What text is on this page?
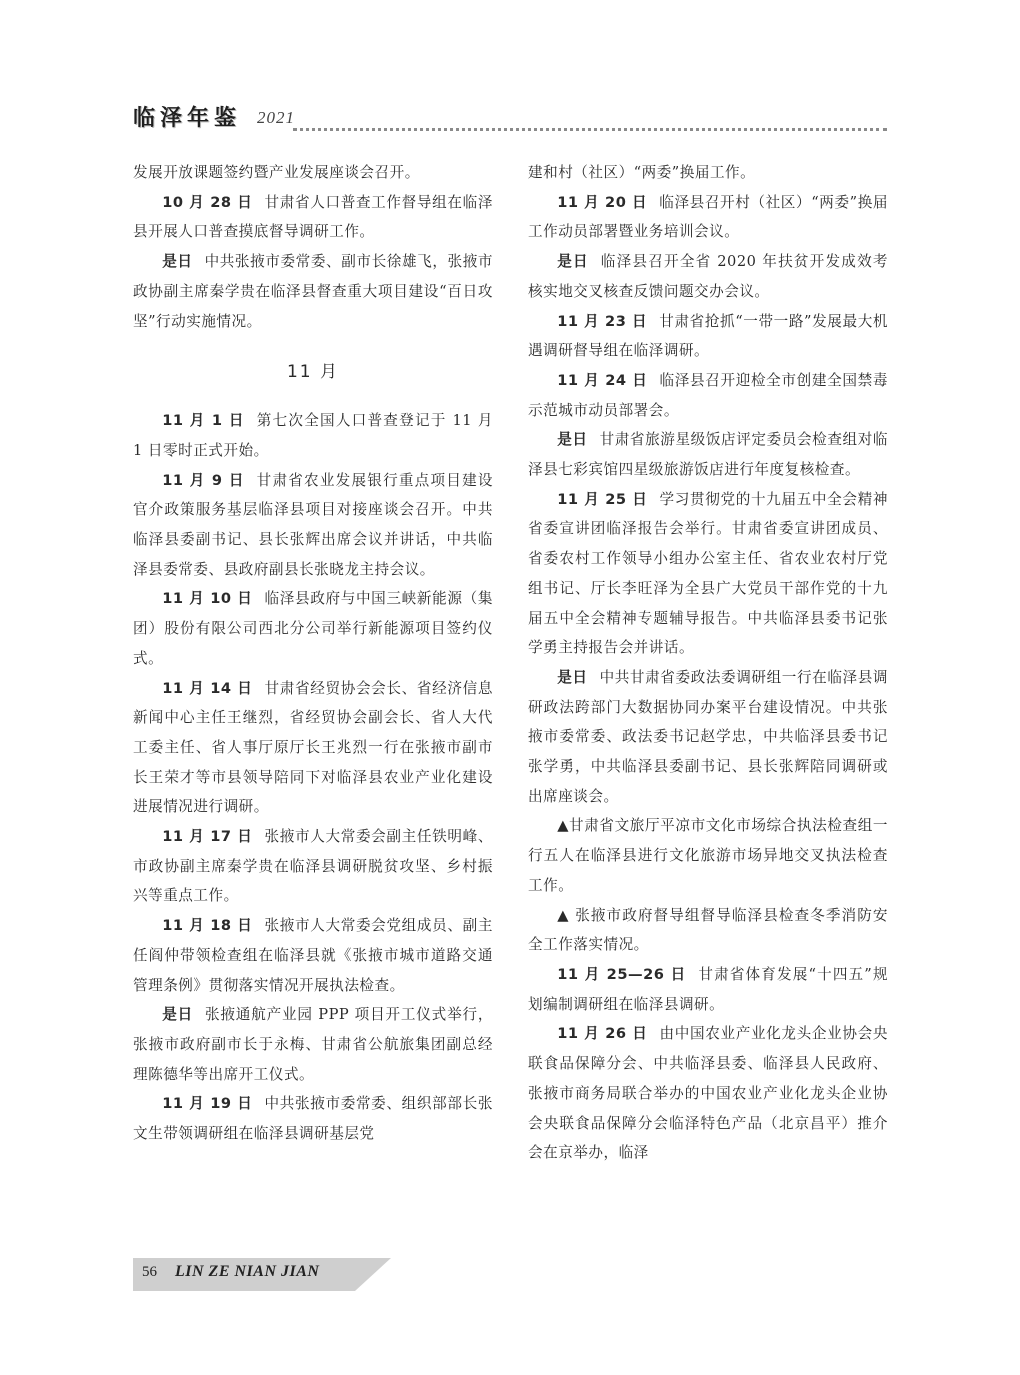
临泽年鉴 2021

发展开放课题签约暨产业发展座谈会召开。

10 月 28 日 甘肃省人口普查工作督导组在临泽县开展人口普查摸底督导调研工作。

是日 中共张掖市委常委、副市长徐雄飞，张掖市政协副主席秦学贵在临泽县督查重大项目建设“百日攻坚”行动实施情况。

11 月

11 月 1 日 第七次全国人口普查登记于 11 月 1 日零时正式开始。

11 月 9 日 甘肃省农业发展银行重点项目建设官介政策服务基层临泽县项目对接座谈会召开。中共临泽县委副书记、县长张辉出席会议并讲话，中共临泽县委常委、县政府副县长张晓龙主持会议。

11 月 10 日 临泽县政府与中国三峡新能源（集团）股份有限公司西北分公司举行新能源项目签约仪式。

11 月 14 日 甘肃省经贸协会会长、省经济信息新闻中心主任王继烈，省经贸协会副会长、省人大代工委主任、省人事厅原厅长王兆烈一行在张掖市副市长王荣才等市县领导陪同下对临泽县农业产业化建设进展情况进行调研。

11 月 17 日 张掖市人大常委会副主任铁明峰、市政协副主席秦学贵在临泽县调研脱贫攻坚、乡村振兴等重点工作。

11 月 18 日 张掖市人大常委会党组成员、副主任阎仲带领检查组在临泽县就《张掖市城市道路交通管理条例》贯彻落实情况开展执法检查。

是日 张掖通航产业园 PPP 项目开工仪式举行，张掖市政府副市长于永梅、甘肃省公航旅集团副总经理陈德华等出席开工仪式。

11 月 19 日 中共张掖市委常委、组织部部长张文生带领调研组在临泽县调研基层党

建和村（社区）“两委”换届工作。

11 月 20 日 临泽县召开村（社区）“两委”换届工作动员部署暨业务培训会议。

是日 临泽县召开全省 2020 年扶贫开发成效考核实地交叉核查反馈问题交办会议。

11 月 23 日 甘肃省抢抓“一带一路”发展最大机遇调研督导组在临泽调研。

11 月 24 日 临泽县召开迎检全市创建全国禁毒示范城市动员部署会。

是日 甘肃省旅游星级饭店评定委员会检查组对临泽县七彩宾馆四星级旅游饭店进行年度复核检查。

11 月 25 日 学习贯彻党的十九届五中全会精神省委宣讲团临泽报告会举行。甘肃省委宣讲团成员、省委农村工作领导小组办公室主任、省农业农村厅党组书记、厅长李旺泽为全县广大党员干部作党的十九届五中全会精神专题辅导报告。中共临泽县委书记张学勇主持报告会并讲话。

是日 中共甘肃省委政法委调研组一行在临泽县调研政法跨部门大数据协同办案平台建设情况。中共张掖市委常委、政法委书记赵学忠，中共临泽县委书记张学勇，中共临泽县委副书记、县长张辉陪同调研或出席座谈会。

▲甘肃省文旅厅平凉市文化市场综合执法检查组一行五人在临泽县进行文化旅游市场异地交叉执法检查工作。

▲ 张掖市政府督导组督导临泽县检查冬季消防安全工作落实情况。

11 月 25—26 日 甘肃省体育发展“十四五”规划编制调研组在临泽县调研。

11 月 26 日 由中国农业产业化龙头企业协会央联食品保障分会、中共临泽县委、临泽县人民政府、张掖市商务局联合举办的中国农业产业化龙头企业协会央联食品保障分会临泽特色产品（北京昌平）推介会在京举办，临泽

56 LIN ZE NIAN JIAN
